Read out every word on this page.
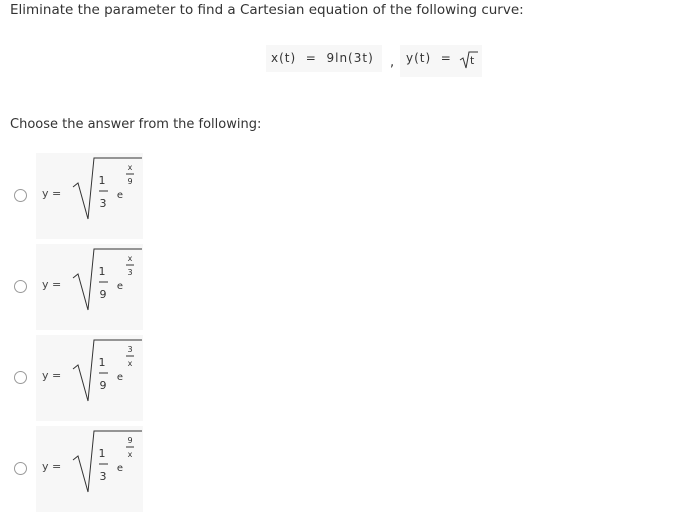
Eliminate the parameter to find a Cartesian equation of the following curve:

x(t)  =  9ln(3t) ,

y(t)  =

t

Choose the answer from the following:
y =
1
3
e
x
9
y =
1
9
e
x
3
y =
1
9
e
3
x
y =
1
3
e
9
x
